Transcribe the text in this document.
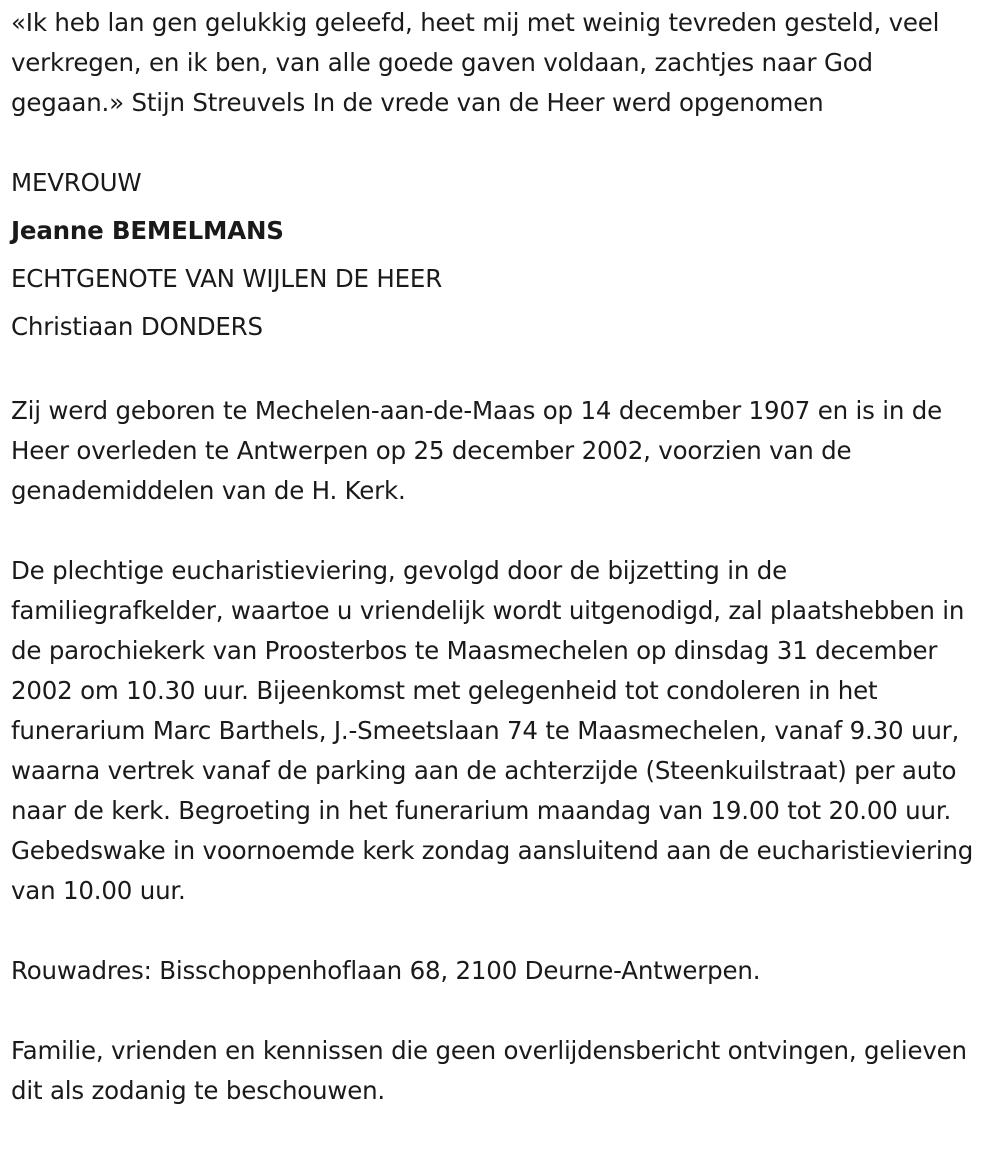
«Ik heb lan gen gelukkig geleefd, heet mij met weinig tevreden gesteld, veel verkregen, en ik ben, van alle goede gaven voldaan, zachtjes naar God gegaan.» Stijn Streuvels In de vrede van de Heer werd opgenomen

MEVROUW

Jeanne BEMELMANS

ECHTGENOTE VAN WIJLEN DE HEER

Christiaan DONDERS

Zij werd geboren te Mechelen-aan-de-Maas op 14 december 1907 en is in de Heer overleden te Antwerpen op 25 december 2002, voorzien van de genademiddelen van de H. Kerk.

De plechtige eucharistieviering, gevolgd door de bijzetting in de familiegrafkelder, waartoe u vriendelijk wordt uitgenodigd, zal plaatshebben in de parochiekerk van Proosterbos te Maasmechelen op dinsdag 31 december 2002 om 10.30 uur. Bijeenkomst met gelegenheid tot condoleren in het funerarium Marc Barthels, J.-Smeetslaan 74 te Maasmechelen, vanaf 9.30 uur, waarna vertrek vanaf de parking aan de achterzijde (Steenkuilstraat) per auto naar de kerk. Begroeting in het funerarium maandag van 19.00 tot 20.00 uur. Gebedswake in voornoemde kerk zondag aansluitend aan de eucharistieviering van 10.00 uur.

Rouwadres: Bisschoppenhoflaan 68, 2100 Deurne-Antwerpen.

Familie, vrienden en kennissen die geen overlijdensbericht ontvingen, gelieven dit als zodanig te beschouwen.
